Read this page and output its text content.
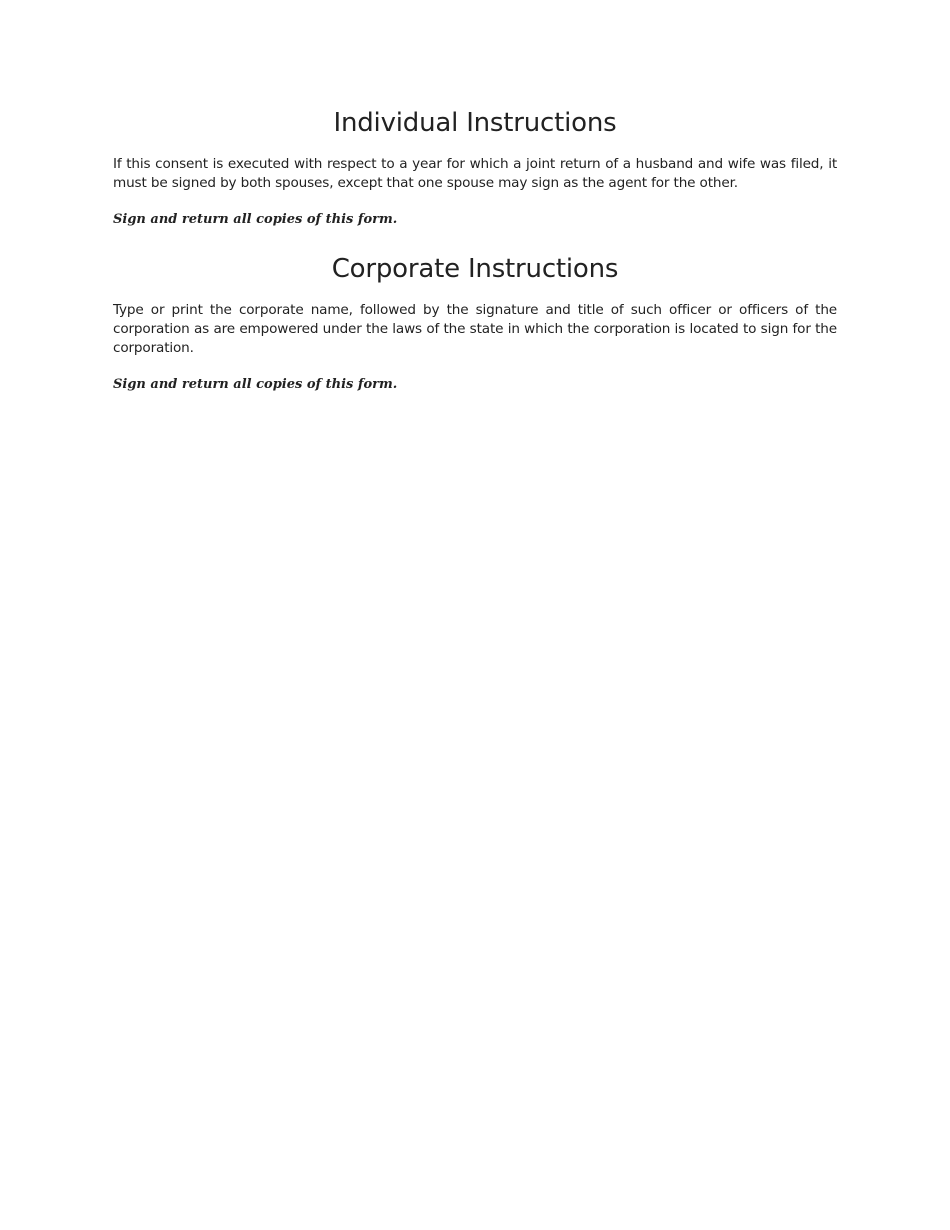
Individual Instructions

If this consent is executed with respect to a year for which a joint return of a husband and wife was filed, it must be signed by both spouses, except that one spouse may sign as the agent for the other.

Sign and return all copies of this form.

Corporate Instructions

Type or print the corporate name, followed by the signature and title of such officer or officers of the corporation as are empowered under the laws of the state in which the corporation is located to sign for the corporation.

Sign and return all copies of this form.
